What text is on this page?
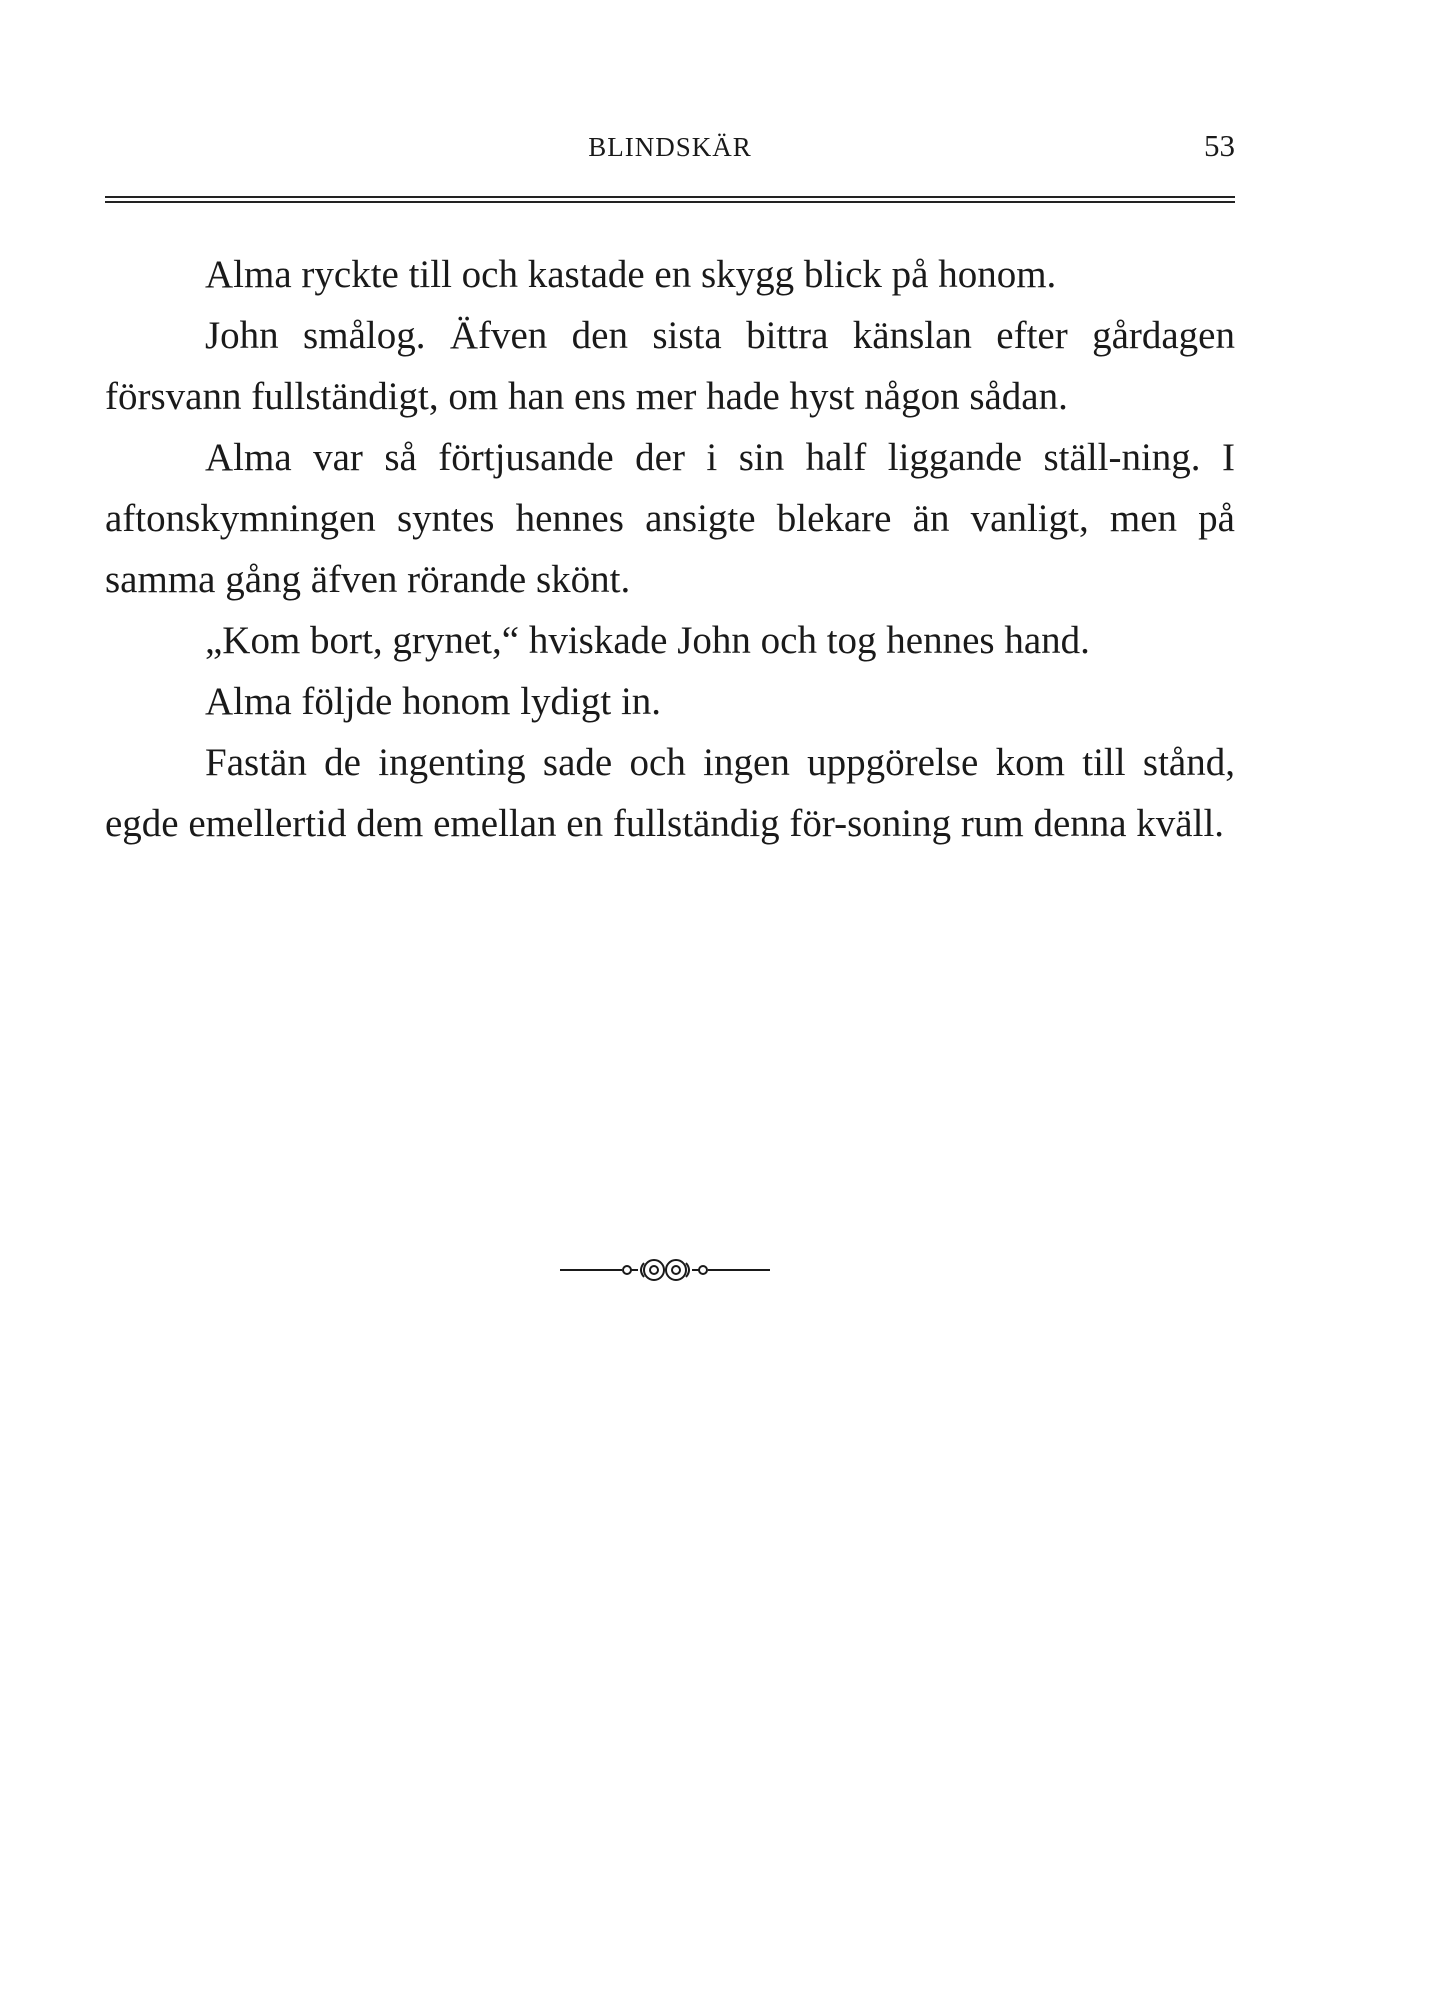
BLINDSKÄR	53

Alma ryckte till och kastade en skygg blick på honom.

John smålog. Äfven den sista bittra känslan efter gårdagen försvann fullständigt, om han ens mer hade hyst någon sådan.

Alma var så förtjusande der i sin half liggande ställ-ning. I aftonskymningen syntes hennes ansigte blekare än vanligt, men på samma gång äfven rörande skönt.

„Kom bort, grynet,“ hviskade John och tog hennes hand.

Alma följde honom lydigt in.

Fastän de ingenting sade och ingen uppgörelse kom till stånd, egde emellertid dem emellan en fullständig för-soning rum denna kväll.
